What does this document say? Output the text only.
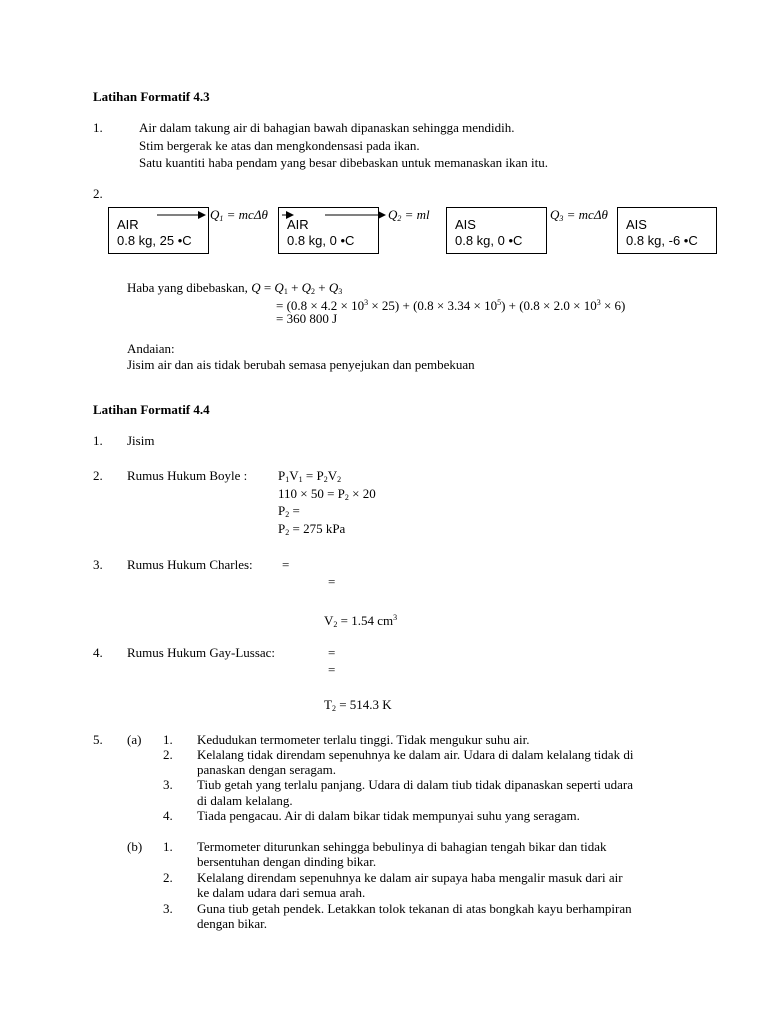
Latihan Formatif 4.3
1.	Air dalam takung air di bahagian bawah dipanaskan sehingga mendidih.
Stim bergerak ke atas dan mengkondensasi pada ikan.
Satu kuantiti haba pendam yang besar dibebaskan untuk memanaskan ikan itu.
2.
AIR
0.8 kg, 25 •C
AIR
0.8 kg, 0 •C
AIS
0.8 kg, 0 •C
AIS
0.8 kg, -6 •C
$Q_1 = mc\Delta\theta$	$Q_2$ = ml	$Q_3 = mc\Delta\theta$
Haba yang dibebaskan, $Q = Q_1 + Q_2 + Q_3$
= $(0.8 \times 4.2 \times 10^3 \times 25) + (0.8 \times 3.34 \times 10^5) + (0.8 \times 2.0 \times 10^3 \times 6)$
= 360 800 J
Andaian:
Jisim air dan ais tidak berubah semasa penyejukan dan pembekuan
Latihan Formatif 4.4
1. Jisim
2. Rumus Hukum Boyle : $P_1V_1 = P_2V_2$
$110 \times 50 = P_2 \times 20$
$P_2$ =
$P_2 = 275$ kPa
3. Rumus Hukum Charles: =
=
$V_2 = 1.54$ $cm^3$
4. Rumus Hukum Gay-Lussac:	=
=
$T_2 = 514.3$ K
5. (a) 1. Kedudukan termometer terlalu tinggi. Tidak mengukur suhu air.
2. Kelalang tidak direndam sepenuhnya ke dalam air. Udara di dalam kelalang tidak di
panaskan dengan seragam.
3. Tiub getah yang terlalu panjang. Udara di dalam tiub tidak dipanaskan seperti udara
di dalam kelalang.
4. Tiada pengacau. Air di dalam bikar tidak mempunyai suhu yang seragam.
(b) 1. Termometer diturunkan sehingga bebulinya di bahagian tengah bikar dan tidak
bersentuhan dengan dinding bikar.
2. Kelalang direndam sepenuhnya ke dalam air supaya haba mengalir masuk dari air
ke dalam udara dari semua arah.
3. Guna tiub getah pendek. Letakkan tolok tekanan di atas bongkah kayu berhampiran
dengan bikar.
